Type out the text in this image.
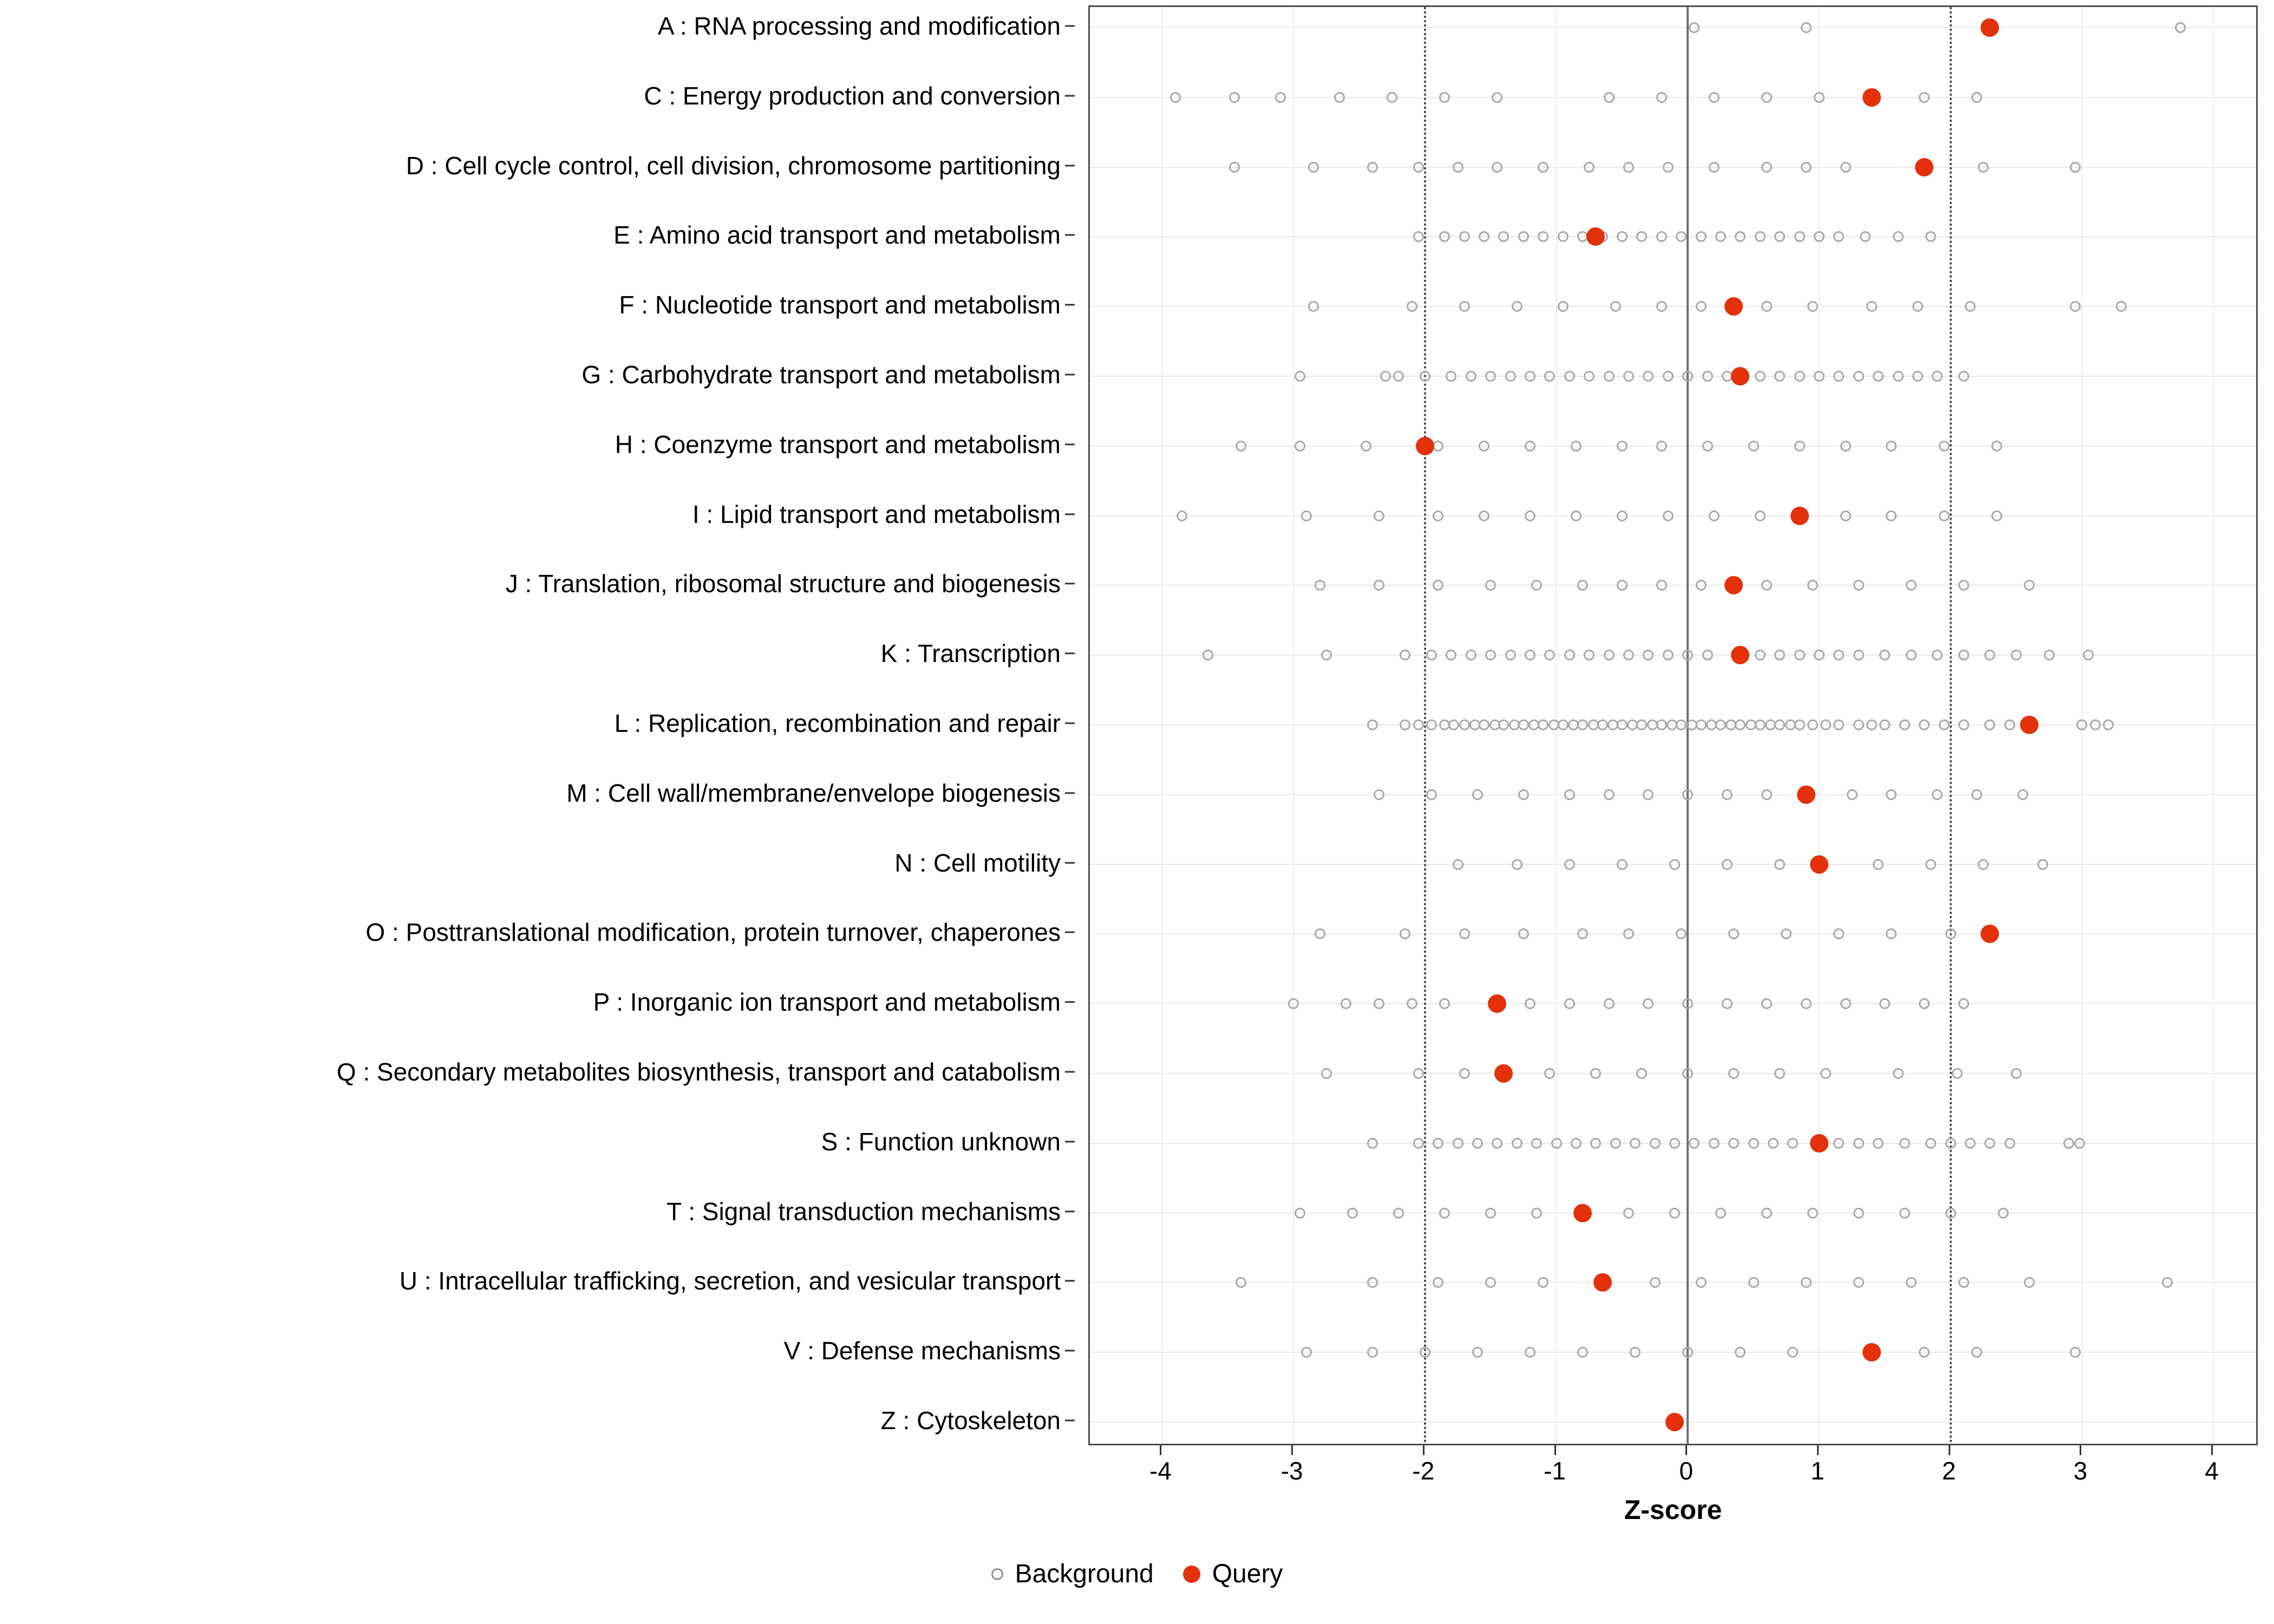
A : RNA processing and modification
C : Energy production and conversion
D : Cell cycle control, cell division, chromosome partitioning
E : Amino acid transport and metabolism
F : Nucleotide transport and metabolism
G : Carbohydrate transport and metabolism
H : Coenzyme transport and metabolism
I : Lipid transport and metabolism
J : Translation, ribosomal structure and biogenesis
K : Transcription
L : Replication, recombination and repair
M : Cell wall/membrane/envelope biogenesis
N : Cell motility
O : Posttranslational modification, protein turnover, chaperones
P : Inorganic ion transport and metabolism
Q : Secondary metabolites biosynthesis, transport and catabolism
S : Function unknown
T : Signal transduction mechanisms
U : Intracellular trafficking, secretion, and vesicular transport
V : Defense mechanisms
Z : Cytoskeleton
-4	-3	-2	-1	0	1	2	3	4
Z-score
Background Query
